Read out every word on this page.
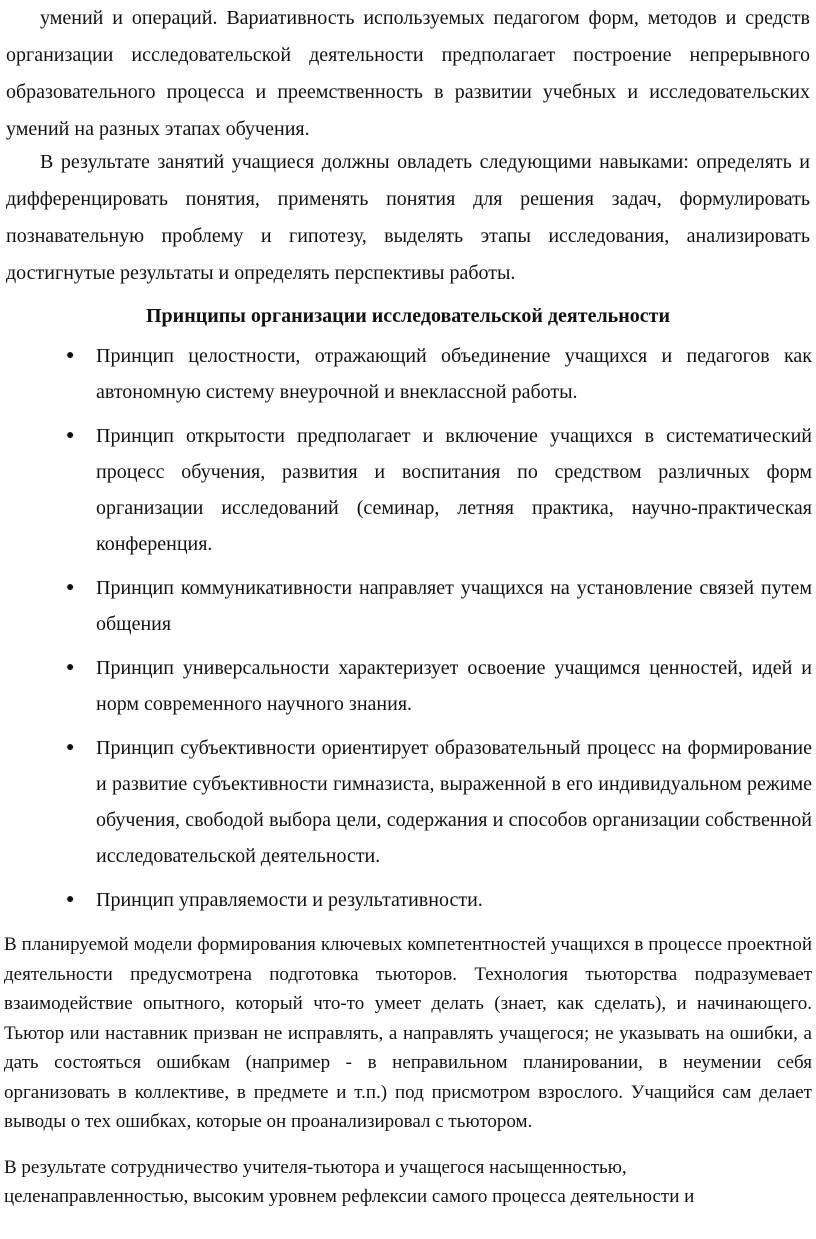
умений и операций. Вариативность используемых педагогом форм, методов и средств организации исследовательской деятельности предполагает построение непрерывного образовательного процесса и преемственность в развитии учебных и исследовательских умений на разных этапах обучения.

В результате занятий учащиеся должны овладеть следующими навыками: определять и дифференцировать понятия, применять понятия для решения задач, формулировать познавательную проблему и гипотезу, выделять этапы исследования, анализировать достигнутые результаты и определять перспективы работы.

Принципы организации исследовательской деятельности
● Принцип целостности, отражающий объединение учащихся и педагогов как автономную систему внеурочной и внеклассной работы.
● Принцип открытости предполагает и включение учащихся в систематический процесс обучения, развития и воспитания по средством различных форм организации исследований (семинар, летняя практика, научно-практическая конференция.
● Принцип коммуникативности направляет учащихся на установление связей путем общения
● Принцип универсальности характеризует освоение учащимся ценностей, идей и норм современного научного знания.
● Принцип субъективности ориентирует образовательный процесс на формирование и развитие субъективности гимназиста, выраженной в его индивидуальном режиме обучения, свободой выбора цели, содержания и способов организации собственной исследовательской деятельности.
● Принцип управляемости и результативности.

В планируемой модели формирования ключевых компетентностей учащихся в процессе проектной деятельности предусмотрена подготовка тьюторов. Технология тьюторства подразумевает взаимодействие опытного, который что-то умеет делать (знает, как сделать), и начинающего. Тьютор или наставник призван не исправлять, а направлять учащегося; не указывать на ошибки, а дать состояться ошибкам (например - в неправильном планировании, в неумении себя организовать в коллективе, в предмете и т.п.) под присмотром взрослого. Учащийся сам делает выводы о тех ошибках, которые он проанализировал с тьютором.

В результате сотрудничество учителя-тьютора и учащегося насыщенностью, целенаправленностью, высоким уровнем рефлексии самого процесса деятельности и
